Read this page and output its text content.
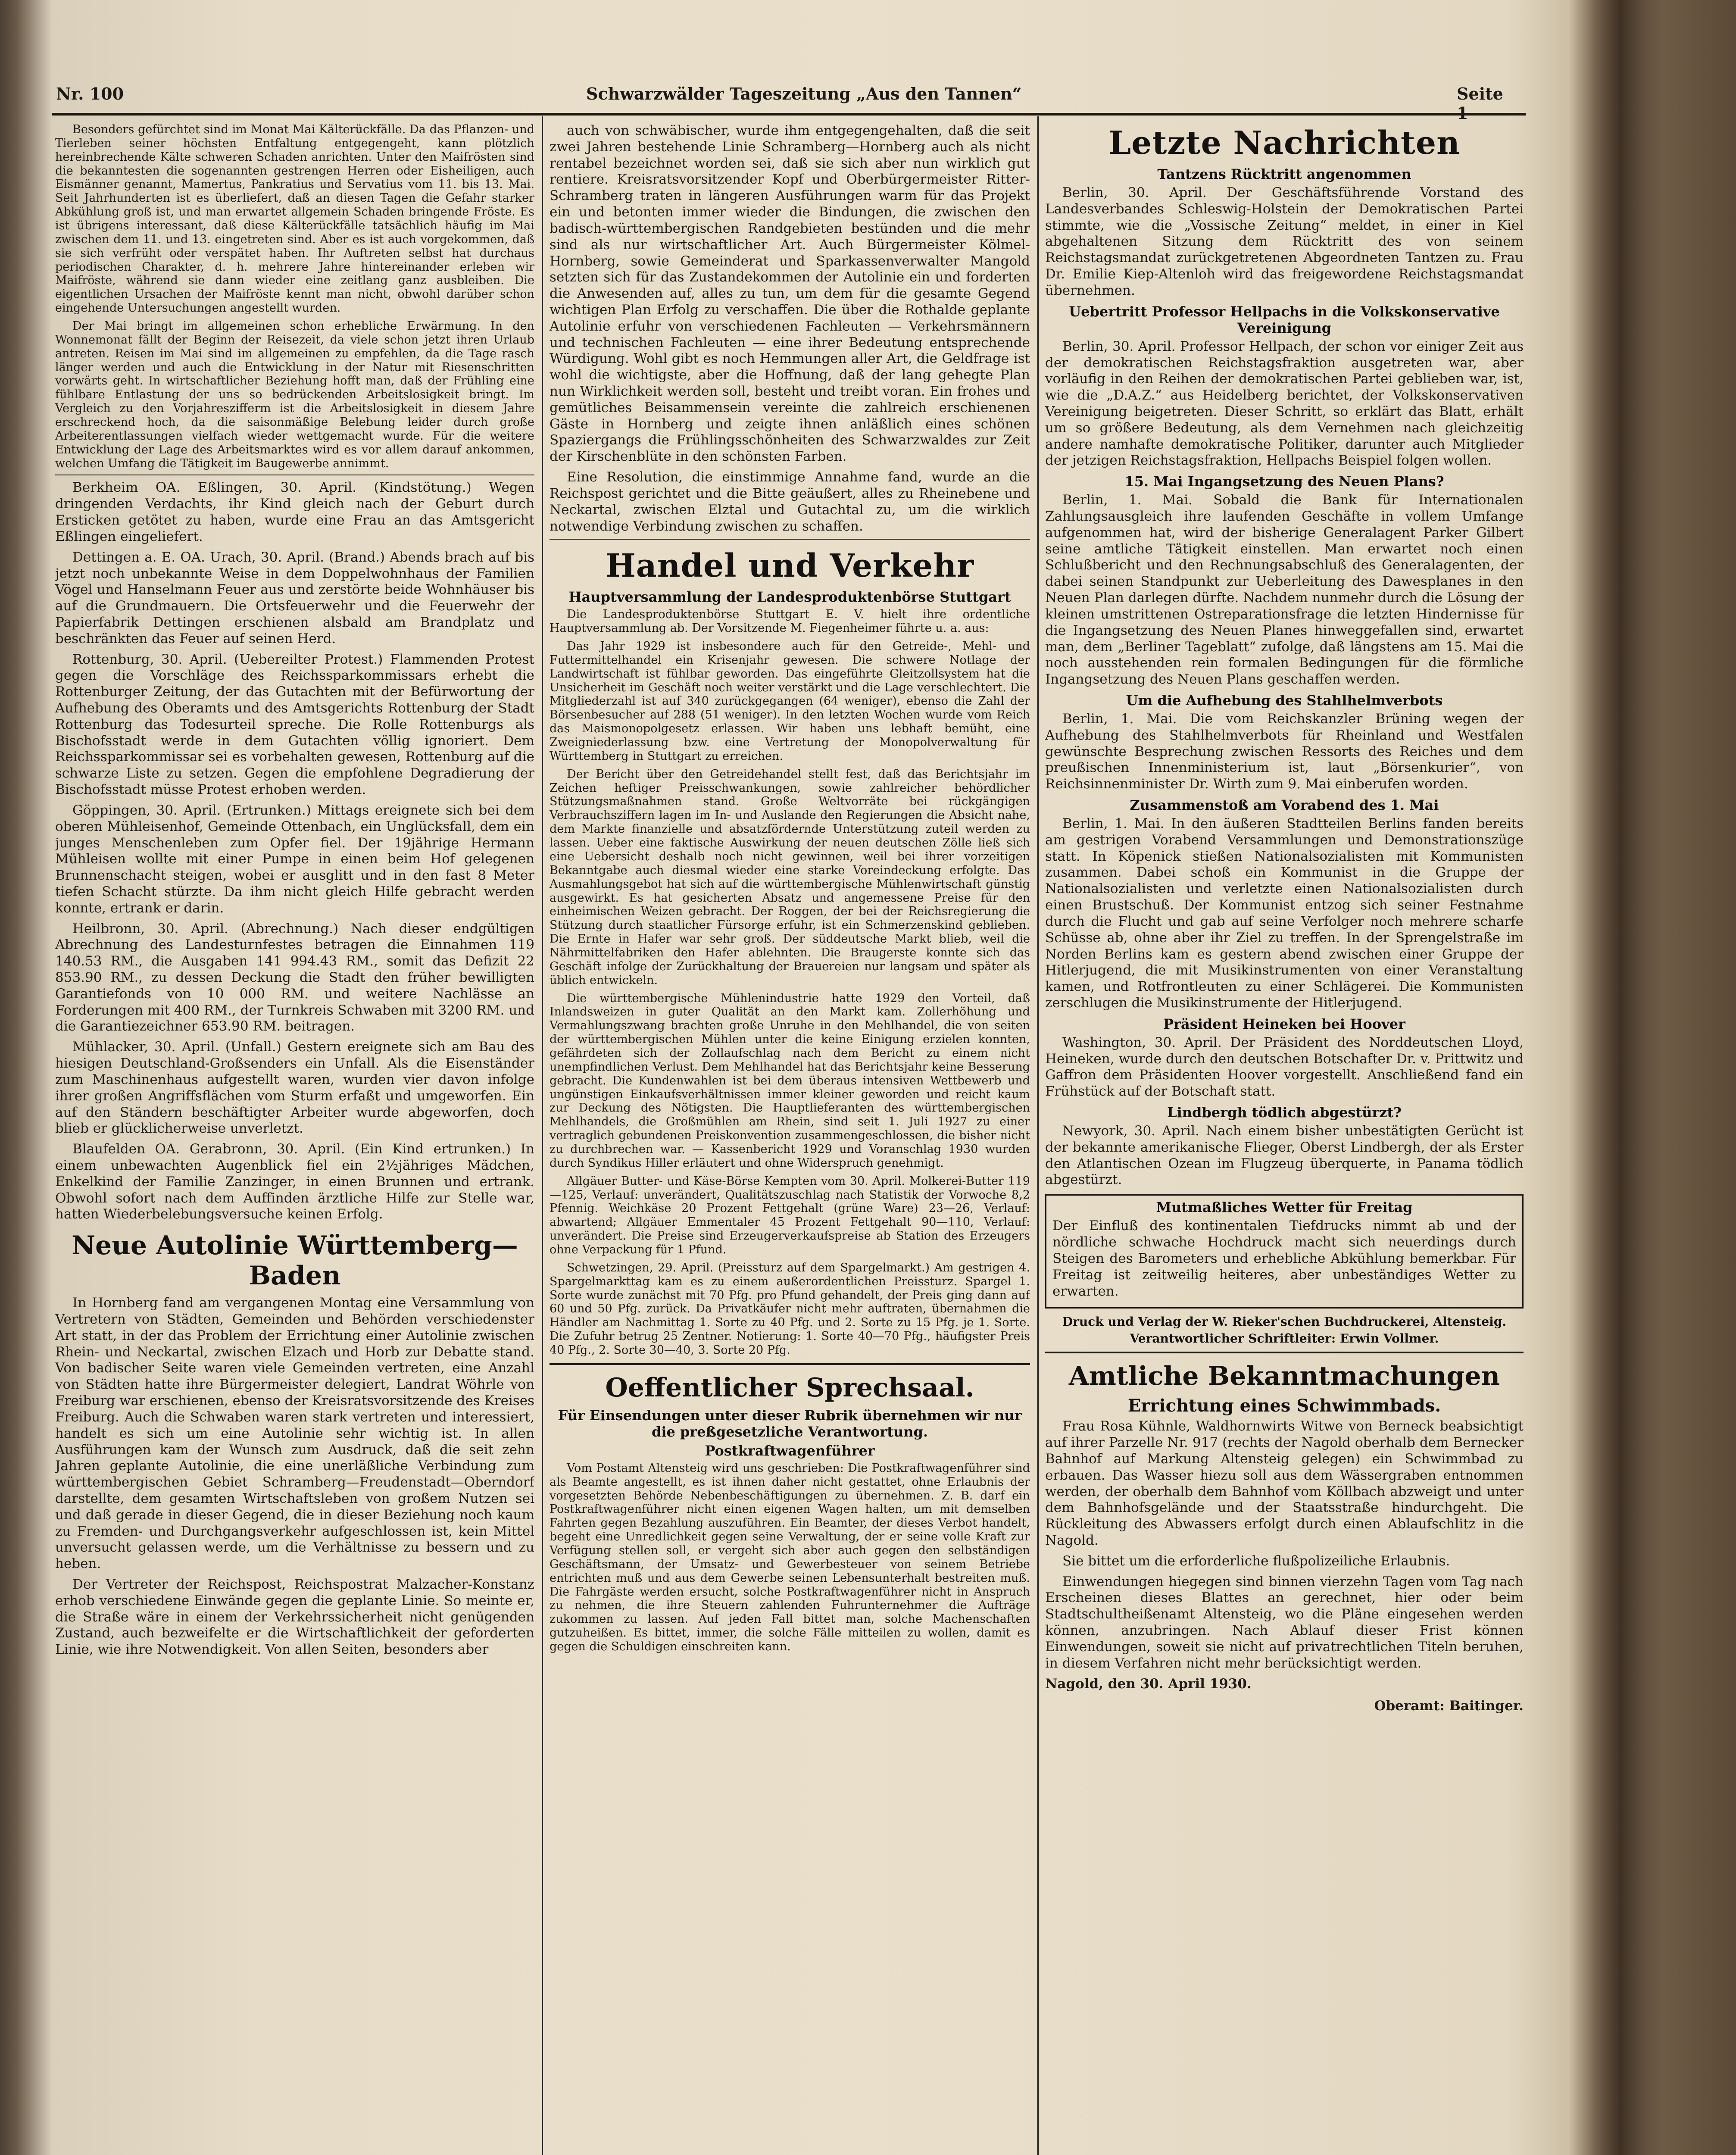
Nr. 100	Schwarzwälder Tageszeitung „Aus den Tannen“	Seite

Besonders gefürchtet sind im Monat Mai Kälterückfälle. Da das Pflanzen- und Tierleben seiner höchsten Entfaltung entgegengeht, kann plötzlich hereinbrechende Kälte schweren Schaden anrichten. Unter den Maifrösten sind die bekanntesten die sogenannten gestrengen Herren oder Eisheiligen, auch Eismänner genannt, Mamertus, Pankratius und Servatius vom 11. bis 13. Mai. Seit Jahrhunderten ist es überliefert, daß an diesen Tagen die Gefahr starker Abkühlung groß ist, und man erwartet allgemein Schaden bringende Fröste. Es ist übrigens interessant, daß diese Kälterückfälle tatsächlich häufig im Mai zwischen dem 11. und 13. eingetreten sind. Aber es ist auch vorgekommen, daß sie sich verfrüht oder verspätet haben. Ihr Auftreten selbst hat durchaus periodischen Charakter, d. h. mehrere Jahre hintereinander erleben wir Maifröste, während sie dann wieder eine zeitlang ganz ausbleiben. Die eigentlichen Ursachen der Maifröste kennt man nicht, obwohl darüber schon eingehende Untersuchungen angestellt wurden.

Der Mai bringt im allgemeinen schon erhebliche Erwärmung. In den Wonnemonat fällt der Beginn der Reisezeit, da viele schon jetzt ihren Urlaub antreten. Reisen im Mai sind im allgemeinen zu empfehlen, da die Tage rasch länger werden und auch die Entwicklung in der Natur mit Riesenschritten vorwärts geht. In wirtschaftlicher Beziehung hofft man, daß der Frühling eine fühlbare Entlastung der uns so bedrückenden Arbeitslosigkeit bringt. Im Vergleich zu den Vorjahreszifferm ist die Arbeitslosigkeit in diesem Jahre erschreckend hoch, da die saisonmäßige Belebung leider durch große Arbeiterentlassungen vielfach wieder wettgemacht wurde. Für die weitere Entwicklung der Lage des Arbeitsmarktes wird es vor allem darauf ankommen, welchen Umfang die Tätigkeit im Baugewerbe annimmt.

Berkheim OA. Eßlingen, 30. April. (Kindstötung.) Wegen dringenden Verdachts, ihr Kind gleich nach der Geburt durch Ersticken getötet zu haben, wurde eine Frau an das Amtsgericht Eßlingen eingeliefert.

Dettingen a. E. OA. Urach, 30. April. (Brand.) Abends brach auf bis jetzt noch unbekannte Weise in dem Doppelwohnhaus der Familien Vögel und Hanselmann Feuer aus und zerstörte beide Wohnhäuser bis auf die Grundmauern. Die Ortsfeuerwehr und die Feuerwehr der Papierfabrik Dettingen erschienen alsbald am Brandplatz und beschränkten das Feuer auf seinen Herd.

Rottenburg, 30. April. (Uebereilter Protest.) Flammenden Protest gegen die Vorschläge des Reichssparkommissars erhebt die Rottenburger Zeitung, der das Gutachten mit der Befürwortung der Aufhebung des Oberamts und des Amtsgerichts Rottenburg der Stadt Rottenburg das Todesurteil spreche. Die Rolle Rottenburgs als Bischofsstadt werde in dem Gutachten völlig ignoriert. Dem Reichssparkommissar sei es vorbehalten gewesen, Rottenburg auf die schwarze Liste zu setzen. Gegen die empfohlene Degradierung der Bischofsstadt müsse Protest erhoben werden.

Göppingen, 30. April. (Ertrunken.) Mittags ereignete sich bei dem oberen Mühleisenhof, Gemeinde Ottenbach, ein Unglücksfall, dem ein junges Menschenleben zum Opfer fiel. Der 19jährige Hermann Mühleisen wollte mit einer Pumpe in einen beim Hof gelegenen Brunnenschacht steigen, wobei er ausglitt und in den fast 8 Meter tiefen Schacht stürzte. Da ihm nicht gleich Hilfe gebracht werden konnte, ertrank er darin.

Heilbronn, 30. April. (Abrechnung.) Nach dieser endgültigen Abrechnung des Landesturnfestes betragen die Einnahmen 119 140.53 RM., die Ausgaben 141 994.43 RM., somit das Defizit 22 853.90 RM., zu dessen Deckung die Stadt den früher bewilligten Garantiefonds von 10 000 RM. und weitere Nachlässe an Forderungen mit 400 RM., der Turnkreis Schwaben mit 3200 RM. und die Garantiezeichner 653.90 RM. beitragen.

Mühlacker, 30. April. (Unfall.) Gestern ereignete sich am Bau des hiesigen Deutschland-Großsenders ein Unfall. Als die Eisenständer zum Maschinenhaus aufgestellt waren, wurden vier davon infolge ihrer großen Angriffsflächen vom Sturm erfaßt und umgeworfen. Ein auf den Ständern beschäftigter Arbeiter wurde abgeworfen, doch blieb er glücklicherweise unverletzt.

Blaufelden OA. Gerabronn, 30. April. (Ein Kind ertrunken.) In einem unbewachten Augenblick fiel ein 2½jähriges Mädchen, Enkelkind der Familie Zanzinger, in einen Brunnen und ertrank. Obwohl sofort nach dem Auffinden ärztliche Hilfe zur Stelle war, hatten Wiederbelebungsversuche keinen Erfolg.

Neue Autolinie Württemberg—Baden

In Hornberg fand am vergangenen Montag eine Versammlung von Vertretern von Städten, Gemeinden und Behörden verschiedenster Art statt, in der das Problem der Errichtung einer Autolinie zwischen Rhein- und Neckartal, zwischen Elzach und Horb zur Debatte stand. Von badischer Seite waren viele Gemeinden vertreten, eine Anzahl von Städten hatte ihre Bürgermeister delegiert, Landrat Wöhrle von Freiburg war erschienen, ebenso der Kreisratsvorsitzende des Kreises Freiburg. Auch die Schwaben waren stark vertreten und interessiert, handelt es sich um eine Autolinie sehr wichtig ist. In allen Ausführungen kam der Wunsch zum Ausdruck, daß die seit zehn Jahren geplante Autolinie, die eine unerläßliche Verbindung zum württembergischen Gebiet Schramberg—Freudenstadt—Oberndorf darstellte, dem gesamten Wirtschaftsleben von großem Nutzen sei und daß gerade in dieser Gegend, die in dieser Beziehung noch kaum zu Fremden- und Durchgangsverkehr aufgeschlossen ist, kein Mittel unversucht gelassen werde, um die Verhältnisse zu bessern und zu heben.

Der Vertreter der Reichspost, Reichspostrat Malzacher-Konstanz erhob verschiedene Einwände gegen die geplante Linie. So meinte er, die Straße wäre in einem der Verkehrssicherheit nicht genügenden Zustand, auch bezweifelte er die Wirtschaftlichkeit der geforderten Linie, wie ihre Notwendigkeit. Von allen Seiten, besonders aber

auch von schwäbischer, wurde ihm entgegengehalten, daß die seit zwei Jahren bestehende Linie Schramberg—Hornberg auch als nicht rentabel bezeichnet worden sei, daß sie sich aber nun wirklich gut rentiere. Kreisratsvorsitzender Kopf und Oberbürgermeister Ritter-Schramberg traten in längeren Ausführungen warm für das Projekt ein und betonten immer wieder die Bindungen, die zwischen den badisch-württembergischen Randgebieten bestünden und die mehr sind als nur wirtschaftlicher Art. Auch Bürgermeister Kölmel-Hornberg, sowie Gemeinderat und Sparkassenverwalter Mangold setzten sich für das Zustandekommen der Autolinie ein und forderten die Anwesenden auf, alles zu tun, um dem für die gesamte Gegend wichtigen Plan Erfolg zu verschaffen. Die über die Rothalde geplante Autolinie erfuhr von verschiedenen Fachleuten — Verkehrsmännern und technischen Fachleuten — eine ihrer Bedeutung entsprechende Würdigung. Wohl gibt es noch Hemmungen aller Art, die Geldfrage ist wohl die wichtigste, aber die Hoffnung, daß der lang gehegte Plan nun Wirklichkeit werden soll, besteht und treibt voran. Ein frohes und gemütliches Beisammensein vereinte die zahlreich erschienenen Gäste in Hornberg und zeigte ihnen anläßlich eines schönen Spaziergangs die Frühlingsschönheiten des Schwarzwaldes zur Zeit der Kirschenblüte in den schönsten Farben.

Eine Resolution, die einstimmige Annahme fand, wurde an die Reichspost gerichtet und die Bitte geäußert, alles zu Rheinebene und Neckartal, zwischen Elztal und Gutachtal zu, um die wirklich notwendige Verbindung zwischen zu schaffen.

Handel und Verkehr
Hauptversammlung der Landesproduktenbörse Stuttgart

Die Landesproduktenbörse Stuttgart E. V. hielt ihre ordentliche Hauptversammlung ab. Der Vorsitzende M. Fiegenheimer führte u. a. aus:

Das Jahr 1929 ist insbesondere auch für den Getreide-, Mehl- und Futtermittelhandel ein Krisenjahr gewesen. Die schwere Notlage der Landwirtschaft ist fühlbar geworden. Das eingeführte Gleitzollsystem hat die Unsicherheit im Geschäft noch weiter verstärkt und die Lage verschlechtert. Die Mitgliederzahl ist auf 340 zurückgegangen (64 weniger), ebenso die Zahl der Börsenbesucher auf 288 (51 weniger). In den letzten Wochen wurde vom Reich das Maismonopolgesetz erlassen. Wir haben uns lebhaft bemüht, eine Zweigniederlassung bzw. eine Vertretung der Monopolverwaltung für Württemberg in Stuttgart zu erreichen.

Der Bericht über den Getreidehandel stellt fest, daß das Berichtsjahr im Zeichen heftiger Preisschwankungen, sowie zahlreicher behördlicher Stützungsmaßnahmen stand. Große Weltvorräte bei rückgängigen Verbrauchsziffern lagen im In- und Auslande den Regierungen die Absicht nahe, dem Markte finanzielle und absatzfördernde Unterstützung zuteil werden zu lassen. Ueber eine faktische Auswirkung der neuen deutschen Zölle ließ sich eine Uebersicht deshalb noch nicht gewinnen, weil bei ihrer vorzeitigen Bekanntgabe auch diesmal wieder eine starke Voreindeckung erfolgte. Das Ausmahlungsgebot hat sich auf die württembergische Mühlenwirtschaft günstig ausgewirkt. Es hat gesicherten Absatz und angemessene Preise für den einheimischen Weizen gebracht. Der Roggen, der bei der Reichsregierung die Stützung durch staatlicher Fürsorge erfuhr, ist ein Schmerzenskind geblieben. Die Ernte in Hafer war sehr groß. Der süddeutsche Markt blieb, weil die Nährmittelfabriken den Hafer ablehnten. Die Braugerste konnte sich das Geschäft infolge der Zurückhaltung der Brauereien nur langsam und später als üblich entwickeln.

Die württembergische Mühlenindustrie hatte 1929 den Vorteil, daß Inlandsweizen in guter Qualität an den Markt kam. Zollerhöhung und Vermahlungszwang brachten große Unruhe in den Mehlhandel, die von seiten der württembergischen Mühlen unter die keine Einigung erzielen konnten, gefährdeten sich der Zollaufschlag nach dem Bericht zu einem nicht unempfindlichen Verlust. Dem Mehlhandel hat das Berichtsjahr keine Besserung gebracht. Die Kundenwahlen ist bei dem überaus intensiven Wettbewerb und ungünstigen Einkaufsverhältnissen immer kleiner geworden und reicht kaum zur Deckung des Nötigsten. Die Hauptlieferanten des württembergischen Mehlhandels, die Großmühlen am Rhein, sind seit 1. Juli 1927 zu einer vertraglich gebundenen Preiskonvention zusammengeschlossen, die bisher nicht zu durchbrechen war. — Kassenbericht 1929 und Voranschlag 1930 wurden durch Syndikus Hiller erläutert und ohne Widerspruch genehmigt.

Allgäuer Butter- und Käse-Börse Kempten vom 30. April. Molkerei-Butter 119—125, Verlauf: unverändert, Qualitätszuschlag nach Statistik der Vorwoche 8,2 Pfennig. Weichkäse 20 Prozent Fettgehalt (grüne Ware) 23—26, Verlauf: abwartend; Allgäuer Emmentaler 45 Prozent Fettgehalt 90—110, Verlauf: unverändert. Die Preise sind Erzeugerverkaufspreise ab Station des Erzeugers ohne Verpackung für 1 Pfund.

Schwetzingen, 29. April. (Preissturz auf dem Spargelmarkt.) Am gestrigen 4. Spargelmarkttag kam es zu einem außerordentlichen Preissturz. Spargel 1. Sorte wurde zunächst mit 70 Pfg. pro Pfund gehandelt, der Preis ging dann auf 60 und 50 Pfg. zurück. Da Privatkäufer nicht mehr auftraten, übernahmen die Händler am Nachmittag 1. Sorte zu 40 Pfg. und 2. Sorte zu 15 Pfg. je 1. Sorte. Die Zufuhr betrug 25 Zentner. Notierung: 1. Sorte 40—70 Pfg., häufigster Preis 40 Pfg., 2. Sorte 30—40, 3. Sorte 20 Pfg.

Oeffentlicher Sprechsaal.
Für Einsendungen unter dieser Rubrik übernehmen wir nur die preßgesetzliche Verantwortung.
Postkraftwagenführer

Vom Postamt Altensteig wird uns geschrieben: Die Postkraftwagenführer sind als Beamte angestellt, es ist ihnen daher nicht gestattet, ohne Erlaubnis der vorgesetzten Behörde Nebenbeschäftigungen zu übernehmen. Z. B. darf ein Postkraftwagenführer nicht einen eigenen Wagen halten, um mit demselben Fahrten gegen Bezahlung auszuführen. Ein Beamter, der dieses Verbot handelt, begeht eine Unredlichkeit gegen seine Verwaltung, der er seine volle Kraft zur Verfügung stellen soll, er vergeht sich aber auch gegen den selbständigen Geschäftsmann, der Umsatz- und Gewerbesteuer von seinem Betriebe entrichten muß und aus dem Gewerbe seinen Lebensunterhalt bestreiten muß. Die Fahrgäste werden ersucht, solche Postkraftwagenführer nicht in Anspruch zu nehmen, die ihre Steuern zahlenden Fuhrunternehmer die Aufträge zukommen zu lassen. Auf jeden Fall bittet man, solche Machenschaften gutzuheißen. Es bittet, immer, die solche Fälle mitteilen zu wollen, damit es gegen die Schuldigen einschreiten kann.

Letzte Nachrichten
Tantzens Rücktritt angenommen

Berlin, 30. April. Der Geschäftsführende Vorstand des Landesverbandes Schleswig-Holstein der Demokratischen Partei stimmte, wie die „Vossische Zeitung“ meldet, in einer in Kiel abgehaltenen Sitzung dem Rücktritt des von seinem Reichstagsmandat zurückgetretenen Abgeordneten Tantzen zu. Frau Dr. Emilie Kiep-Altenloh wird das freigewordene Reichstagsmandat übernehmen.

Uebertritt Professor Hellpachs in die Volkskonservative Vereinigung

Berlin, 30. April. Professor Hellpach, der schon vor einiger Zeit aus der demokratischen Reichstagsfraktion ausgetreten war, aber vorläufig in den Reihen der demokratischen Partei geblieben war, ist, wie die „D.A.Z.“ aus Heidelberg berichtet, der Volkskonservativen Vereinigung beigetreten. Dieser Schritt, so erklärt das Blatt, erhält um so größere Bedeutung, als dem Vernehmen nach gleichzeitig andere namhafte demokratische Politiker, darunter auch Mitglieder der jetzigen Reichstagsfraktion, Hellpachs Beispiel folgen wollen.

15. Mai Ingangsetzung des Neuen Plans?

Berlin, 1. Mai. Sobald die Bank für Internationalen Zahlungsausgleich ihre laufenden Geschäfte in vollem Umfange aufgenommen hat, wird der bisherige Generalagent Parker Gilbert seine amtliche Tätigkeit einstellen. Man erwartet noch einen Schlußbericht und den Rechnungsabschluß des Generalagenten, der dabei seinen Standpunkt zur Ueberleitung des Dawesplanes in den Neuen Plan darlegen dürfte. Nachdem nunmehr durch die Lösung der kleinen umstrittenen Ostreparationsfrage die letzten Hindernisse für die Ingangsetzung des Neuen Planes hinweggefallen sind, erwartet man, dem „Berliner Tageblatt“ zufolge, daß längstens am 15. Mai die noch ausstehenden rein formalen Bedingungen für die förmliche Ingangsetzung des Neuen Plans geschaffen werden.

Um die Aufhebung des Stahlhelmverbots

Berlin, 1. Mai. Die vom Reichskanzler Brüning wegen der Aufhebung des Stahlhelmverbots für Rheinland und Westfalen gewünschte Besprechung zwischen Ressorts des Reiches und dem preußischen Innenministerium ist, laut „Börsenkurier“, von Reichsinnenminister Dr. Wirth zum 9. Mai einberufen worden.

Zusammenstoß am Vorabend des 1. Mai

Berlin, 1. Mai. In den äußeren Stadtteilen Berlins fanden bereits am gestrigen Vorabend Versammlungen und Demonstrationszüge statt. In Köpenick stießen Nationalsozialisten mit Kommunisten zusammen. Dabei schoß ein Kommunist in die Gruppe der Nationalsozialisten und verletzte einen Nationalsozialisten durch einen Brustschuß. Der Kommunist entzog sich seiner Festnahme durch die Flucht und gab auf seine Verfolger noch mehrere scharfe Schüsse ab, ohne aber ihr Ziel zu treffen. In der Sprengelstraße im Norden Berlins kam es gestern abend zwischen einer Gruppe der Hitlerjugend, die mit Musikinstrumenten von einer Veranstaltung kamen, und Rotfrontleuten zu einer Schlägerei. Die Kommunisten zerschlugen die Musikinstrumente der Hitlerjugend.

Präsident Heineken bei Hoover

Washington, 30. April. Der Präsident des Norddeutschen Lloyd, Heineken, wurde durch den deutschen Botschafter Dr. v. Prittwitz und Gaffron dem Präsidenten Hoover vorgestellt. Anschließend fand ein Frühstück auf der Botschaft statt.

Lindbergh tödlich abgestürzt?

Newyork, 30. April. Nach einem bisher unbestätigten Gerücht ist der bekannte amerikanische Flieger, Oberst Lindbergh, der als Erster den Atlantischen Ozean im Flugzeug überquerte, in Panama tödlich abgestürzt.

Mutmaßliches Wetter für Freitag

Der Einfluß des kontinentalen Tiefdrucks nimmt ab und der nördliche schwache Hochdruck macht sich neuerdings durch Steigen des Barometers und erhebliche Abkühlung bemerkbar. Für Freitag ist zeitweilig heiteres, aber unbeständiges Wetter zu erwarten.

Druck und Verlag der W. Rieker'schen Buchdruckerei, Altensteig.
Verantwortlicher Schriftleiter: Erwin Vollmer.
Amtliche Bekanntmachungen
Errichtung eines Schwimmbads.

Frau Rosa Kühnle, Waldhornwirts Witwe von Berneck beabsichtigt auf ihrer Parzelle Nr. 917 (rechts der Nagold oberhalb dem Bernecker Bahnhof auf Markung Altensteig gelegen) ein Schwimmbad zu erbauen. Das Wasser hiezu soll aus dem Wässergraben entnommen werden, der oberhalb dem Bahnhof vom Köllbach abzweigt und unter dem Bahnhofsgelände und der Staatsstraße hindurchgeht. Die Rückleitung des Abwassers erfolgt durch einen Ablaufschlitz in die Nagold.

Sie bittet um die erforderliche flußpolizeiliche Erlaubnis.

Einwendungen hiegegen sind binnen vierzehn Tagen vom Tag nach Erscheinen dieses Blattes an gerechnet, hier oder beim Stadtschultheißenamt Altensteig, wo die Pläne eingesehen werden können, anzubringen. Nach Ablauf dieser Frist können Einwendungen, soweit sie nicht auf privatrechtlichen Titeln beruhen, in diesem Verfahren nicht mehr berücksichtigt werden.

Nagold, den 30. April 1930.

Oberamt: Baitinger.
